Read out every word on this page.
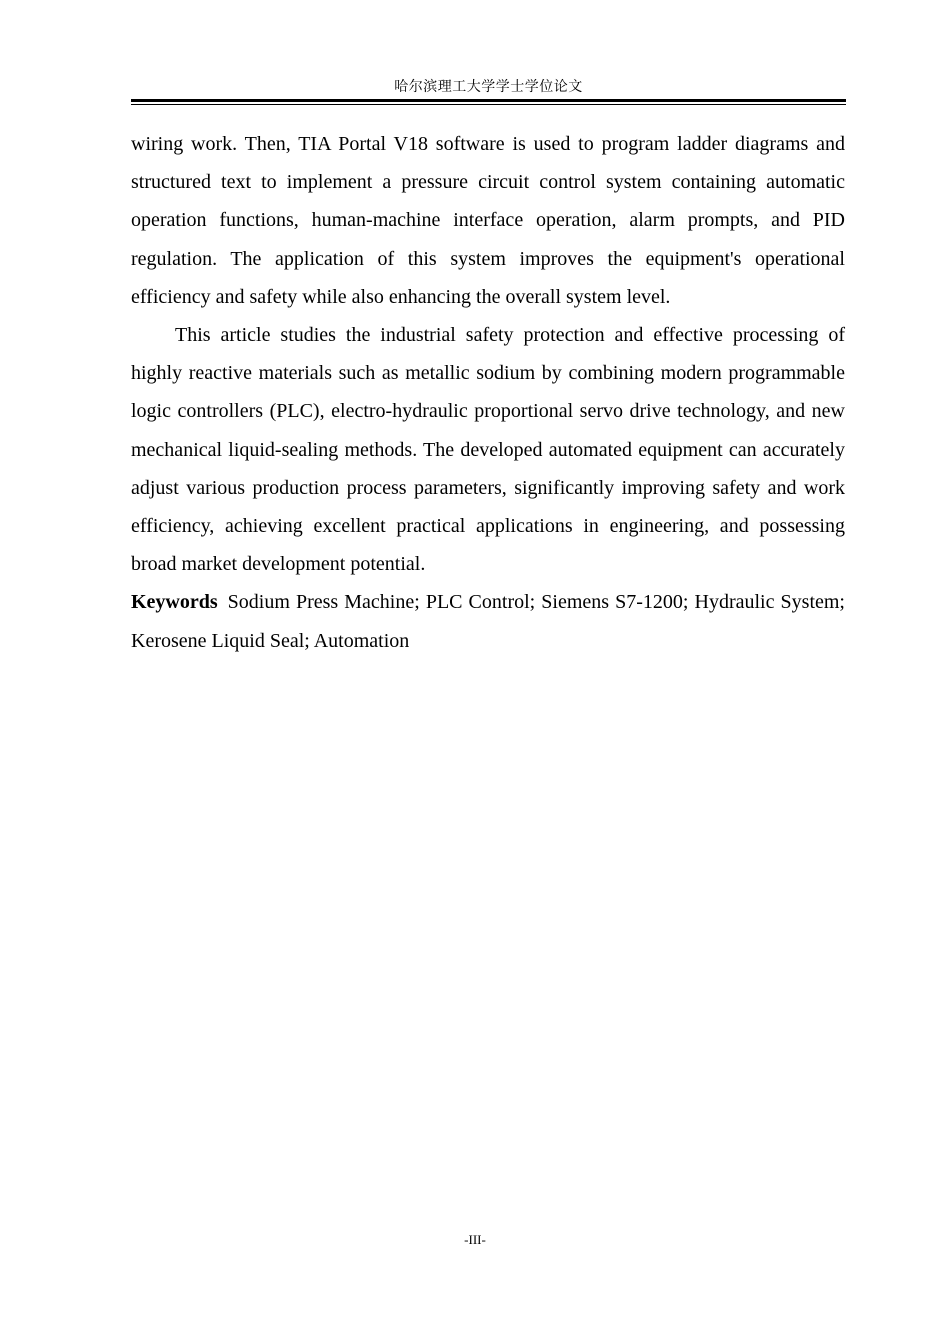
哈尔滨理工大学学士学位论文

wiring work. Then, TIA Portal V18 software is used to program ladder diagrams and structured text to implement a pressure circuit control system containing automatic operation functions, human-machine interface operation, alarm prompts, and PID regulation. The application of this system improves the equipment's operational efficiency and safety while also enhancing the overall system level.

This article studies the industrial safety protection and effective processing of highly reactive materials such as metallic sodium by combining modern programmable logic controllers (PLC), electro-hydraulic proportional servo drive technology, and new mechanical liquid-sealing methods. The developed automated equipment can accurately adjust various production process parameters, significantly improving safety and work efficiency, achieving excellent practical applications in engineering, and possessing broad market development potential.

Keywords Sodium Press Machine; PLC Control; Siemens S7-1200; Hydraulic System; Kerosene Liquid Seal; Automation

-III-
